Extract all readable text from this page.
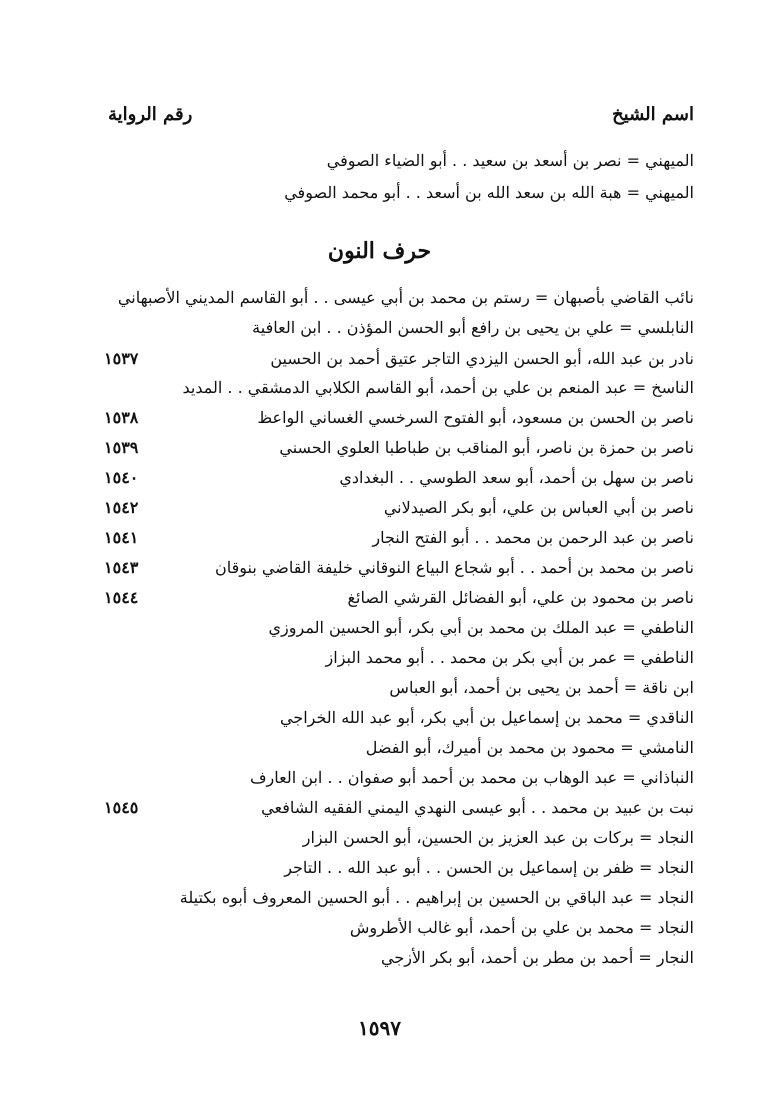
اسم الشيخ
رقم الرواية
الميهني = نصر بن أسعد بن سعيد . . أبو الضياء الصوفي
الميهني = هبة الله بن سعد الله بن أسعد . . أبو محمد الصوفي
حرف النون
نائب القاضي بأصبهان = رستم بن محمد بن أبي عيسى . . أبو القاسم المديني الأصبهاني
النابلسي = علي بن يحيى بن رافع أبو الحسن المؤذن . . ابن العافية
نادر بن عبد الله، أبو الحسن اليزدي التاجر عتيق أحمد بن الحسين
١٥٣٧
الناسخ = عبد المنعم بن علي بن أحمد، أبو القاسم الكلابي الدمشقي . . المديد
ناصر بن الحسن بن مسعود، أبو الفتوح السرخسي الغساني الواعظ
١٥٣٨
ناصر بن حمزة بن ناصر، أبو المناقب بن طباطبا العلوي الحسني
١٥٣٩
ناصر بن سهل بن أحمد، أبو سعد الطوسي . . البغدادي
١٥٤٠
ناصر بن أبي العباس بن علي، أبو بكر الصيدلاني
١٥٤٢
ناصر بن عبد الرحمن بن محمد . . أبو الفتح النجار
١٥٤١
ناصر بن محمد بن أحمد . . أبو شجاع البياع النوقاني خليفة القاضي بنوقان
١٥٤٣
ناصر بن محمود بن علي، أبو الفضائل القرشي الصائغ
١٥٤٤
الناطفي = عبد الملك بن محمد بن أبي بكر، أبو الحسين المروزي
الناطفي = عمر بن أبي بكر بن محمد . . أبو محمد البزاز
ابن ناقة = أحمد بن يحيى بن أحمد، أبو العباس
الناقدي = محمد بن إسماعيل بن أبي بكر، أبو عبد الله الخراجي
النامشي = محمود بن محمد بن أميرك، أبو الفضل
النباذاني = عبد الوهاب بن محمد بن أحمد أبو صفوان . . ابن العارف
نبت بن عبيد بن محمد . . أبو عيسى النهدي اليمني الفقيه الشافعي
١٥٤٥
النجاد = بركات بن عبد العزيز بن الحسين، أبو الحسن البزار
النجاد = ظفر بن إسماعيل بن الحسن . . أبو عبد الله . . التاجر
النجاد = عبد الباقي بن الحسين بن إبراهيم . . أبو الحسين المعروف أبوه بكتيلة
النجاد = محمد بن علي بن أحمد، أبو غالب الأطروش
النجار = أحمد بن مطر بن أحمد، أبو بكر الأزجي
١٥٩٧
